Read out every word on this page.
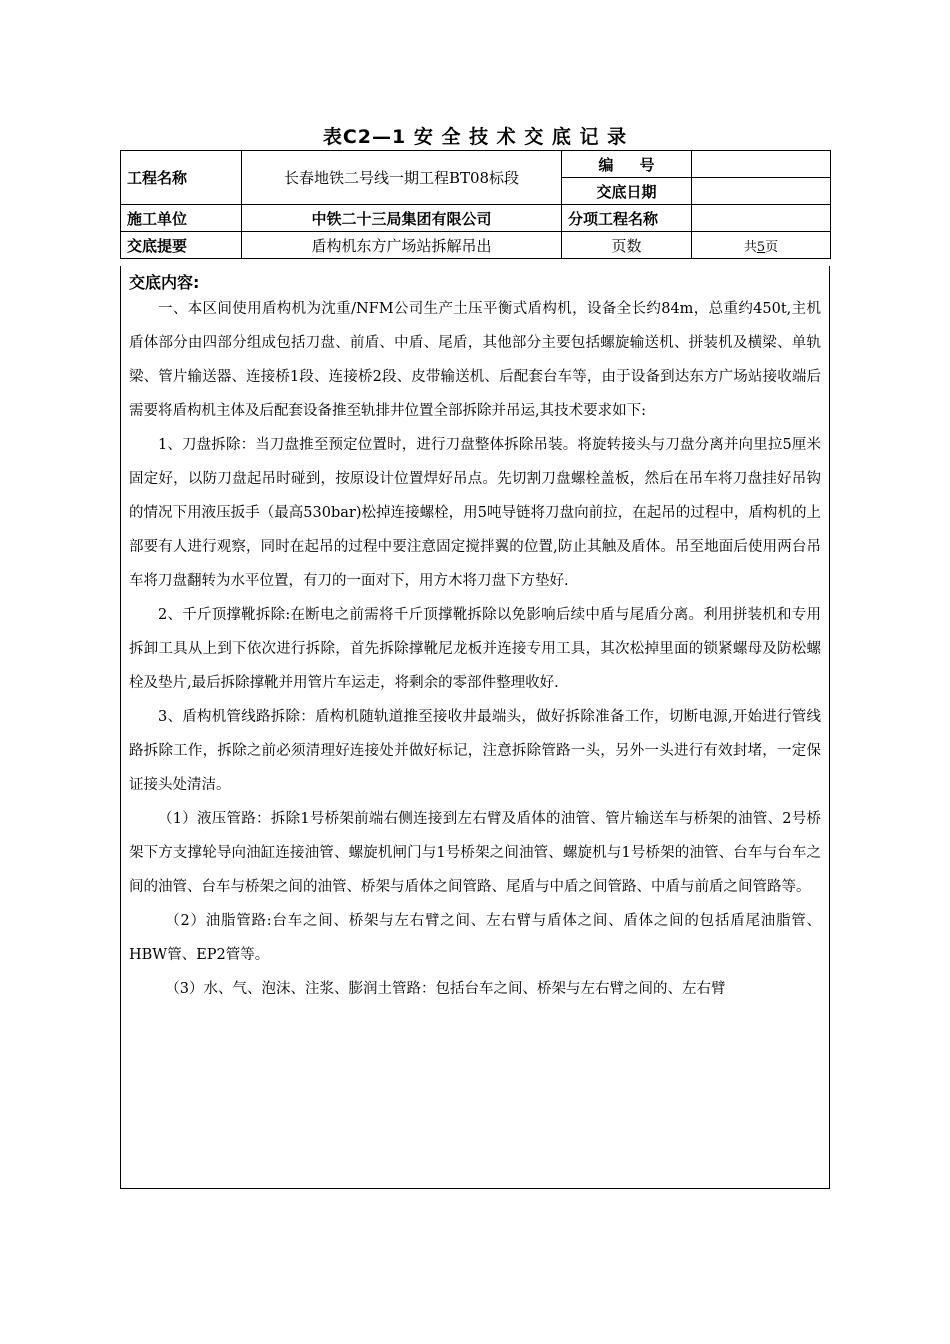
表C2—1 安 全 技 术 交 底 记 录
工程名称	长春地铁二号线一期工程BT08标段	编     号	
		交底日期	
施工单位	中铁二十三局集团有限公司	分项工程名称	
交底提要	盾构机东方广场站拆解吊出	页数	共5页
交底内容:

一、本区间使用盾构机为沈重/NFM公司生产土压平衡式盾构机，设备全长约84m，总重约450t,主机盾体部分由四部分组成包括刀盘、前盾、中盾、尾盾，其他部分主要包括螺旋输送机、拼装机及横梁、单轨梁、管片输送器、连接桥1段、连接桥2段、皮带输送机、后配套台车等，由于设备到达东方广场站接收端后需要将盾构机主体及后配套设备推至轨排井位置全部拆除并吊运,其技术要求如下:

1、刀盘拆除：当刀盘推至预定位置时，进行刀盘整体拆除吊装。将旋转接头与刀盘分离并向里拉5厘米固定好，以防刀盘起吊时碰到，按原设计位置焊好吊点。先切割刀盘螺栓盖板，然后在吊车将刀盘挂好吊钩的情况下用液压扳手（最高530bar)松掉连接螺栓，用5吨导链将刀盘向前拉，在起吊的过程中，盾构机的上部要有人进行观察，同时在起吊的过程中要注意固定搅拌翼的位置,防止其触及盾体。吊至地面后使用两台吊车将刀盘翻转为水平位置，有刀的一面对下，用方木将刀盘下方垫好.

2、千斤顶撑靴拆除:在断电之前需将千斤顶撑靴拆除以免影响后续中盾与尾盾分离。利用拼装机和专用拆卸工具从上到下依次进行拆除，首先拆除撑靴尼龙板并连接专用工具，其次松掉里面的锁紧螺母及防松螺栓及垫片,最后拆除撑靴并用管片车运走，将剩余的零部件整理收好.

3、盾构机管线路拆除：盾构机随轨道推至接收井最端头，做好拆除准备工作，切断电源,开始进行管线路拆除工作，拆除之前必须清理好连接处并做好标记，注意拆除管路一头，另外一头进行有效封堵，一定保证接头处清洁。

（1）液压管路：拆除1号桥架前端右侧连接到左右臂及盾体的油管、管片输送车与桥架的油管、2号桥架下方支撑轮导向油缸连接油管、螺旋机闸门与1号桥架之间油管、螺旋机与1号桥架的油管、台车与台车之间的油管、台车与桥架之间的油管、桥架与盾体之间管路、尾盾与中盾之间管路、中盾与前盾之间管路等。

（2）油脂管路:台车之间、桥架与左右臂之间、左右臂与盾体之间、盾体之间的包括盾尾油脂管、HBW管、EP2管等。

（3）水、气、泡沫、注浆、膨润土管路：包括台车之间、桥架与左右臂之间的、左右臂
